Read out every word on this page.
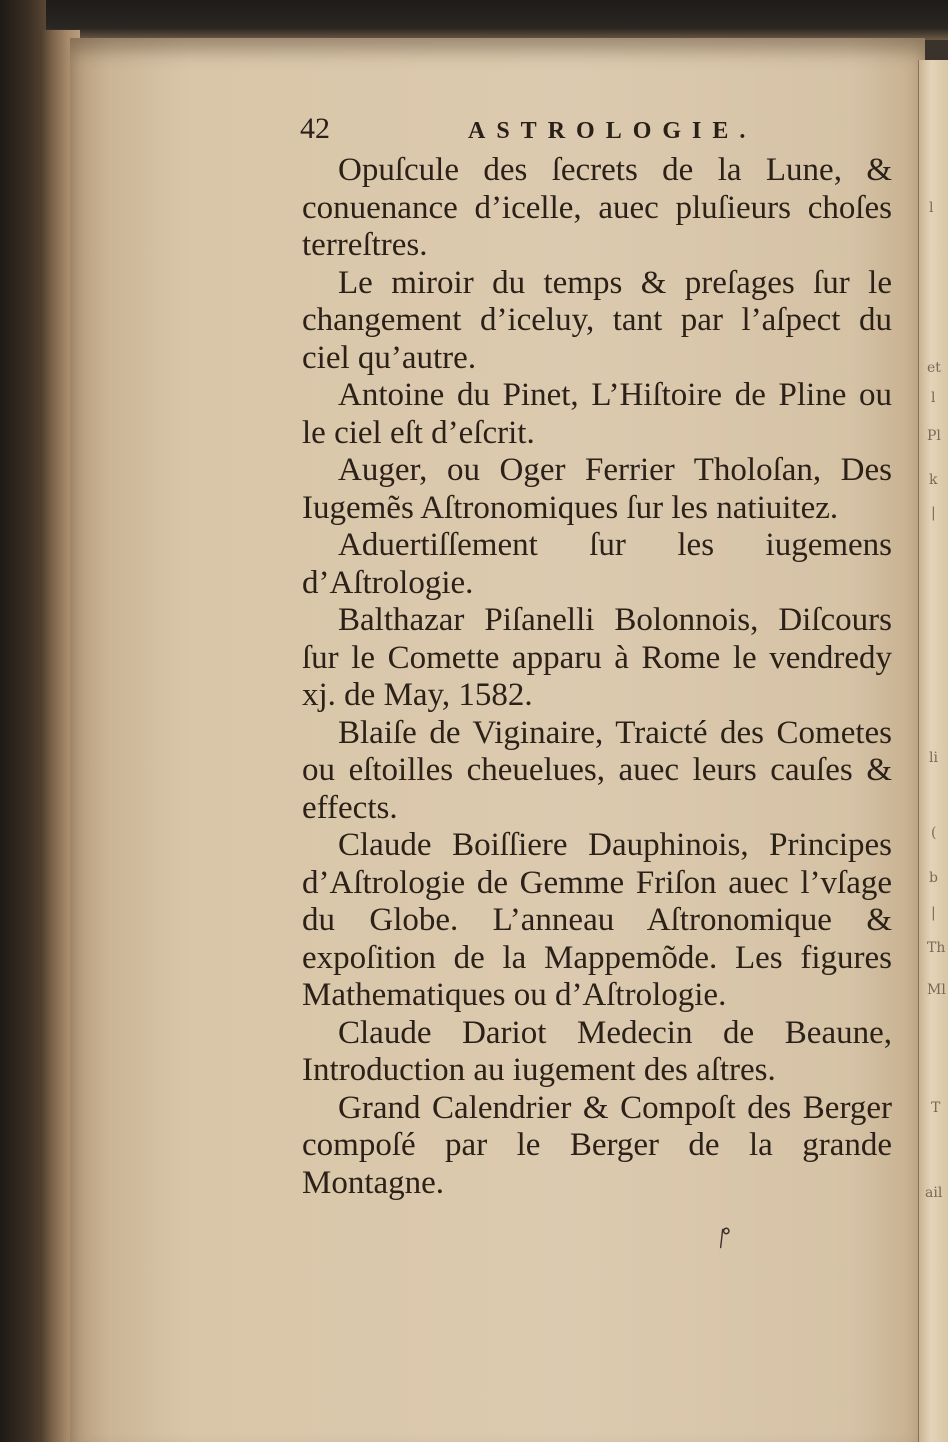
l
et
l
Pl
k
|
li
(
b
|
Th
Ml
T
ail
42	ASTROLOGIE.

Opuſcule des ſecrets de la Lune, & conuenance d’icelle, auec pluſieurs choſes terreſtres.

Le miroir du temps & preſages ſur le changement d’iceluy, tant par l’aſpect du ciel qu’autre.

Antoine du Pinet, L’Hiſtoire de Pline ou le ciel eſt d’eſcrit.

Auger, ou Oger Ferrier Tholoſan, Des Iugemẽs Aſtronomiques ſur les natiuitez.

Aduertiſſement ſur les iugemens d’Aſtrologie.

Balthazar Piſanelli Bolonnois, Diſcours ſur le Comette apparu à Rome le vendredy xj. de May, 1582.

Blaiſe de Viginaire, Traicté des Cometes ou eſtoilles cheuelues, auec leurs cauſes & effects.

Claude Boiſſiere Dauphinois, Principes d’Aſtrologie de Gemme Friſon auec l’vſage du Globe. L’anneau Aſtronomique & expoſition de la Mappemõde. Les figures Mathematiques ou d’Aſtrologie.

Claude Dariot Medecin de Beaune, Introduction au iugement des aſtres.

Grand Calendrier & Compoſt des Berger compoſé par le Berger de la grande Montagne.

⁄°
